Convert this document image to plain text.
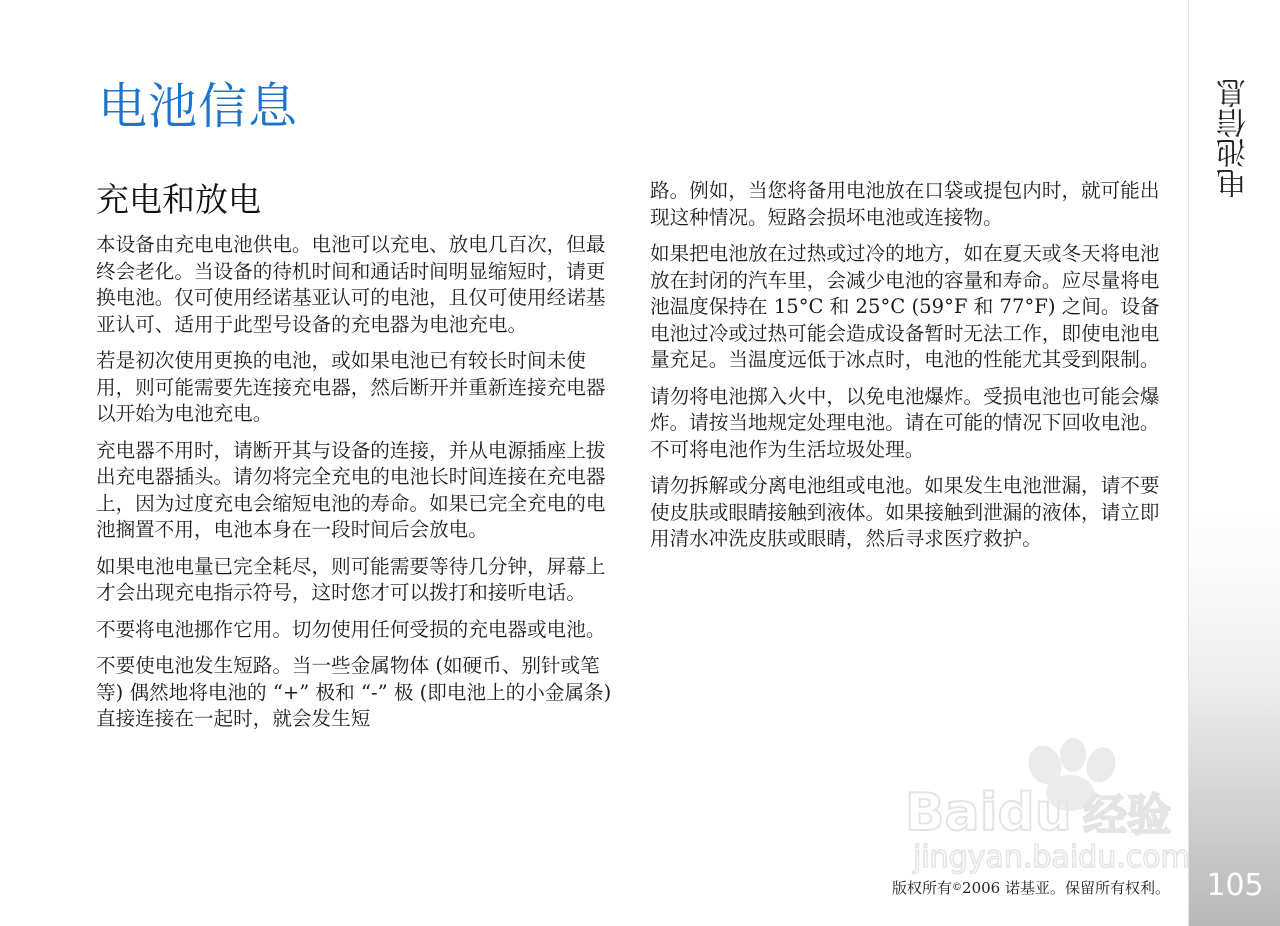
电池信息
105
电池信息
充电和放电

本设备由充电电池供电。电池可以充电、放电几百次，但最终会老化。当设备的待机时间和通话时间明显缩短时，请更换电池。仅可使用经诺基亚认可的电池，且仅可使用经诺基亚认可、适用于此型号设备的充电器为电池充电。

若是初次使用更换的电池，或如果电池已有较长时间未使用，则可能需要先连接充电器，然后断开并重新连接充电器以开始为电池充电。

充电器不用时，请断开其与设备的连接，并从电源插座上拔出充电器插头。请勿将完全充电的电池长时间连接在充电器上，因为过度充电会缩短电池的寿命。如果已完全充电的电池搁置不用，电池本身在一段时间后会放电。

如果电池电量已完全耗尽，则可能需要等待几分钟，屏幕上才会出现充电指示符号，这时您才可以拨打和接听电话。

不要将电池挪作它用。切勿使用任何受损的充电器或电池。

不要使电池发生短路。当一些金属物体 (如硬币、别针或笔等) 偶然地将电池的 “+” 极和 “-” 极 (即电池上的小金属条) 直接连接在一起时，就会发生短

路。例如，当您将备用电池放在口袋或提包内时，就可能出现这种情况。短路会损坏电池或连接物。

如果把电池放在过热或过冷的地方，如在夏天或冬天将电池放在封闭的汽车里，会减少电池的容量和寿命。应尽量将电池温度保持在 15°C 和 25°C (59°F 和 77°F) 之间。设备电池过冷或过热可能会造成设备暂时无法工作，即使电池电量充足。当温度远低于冰点时，电池的性能尤其受到限制。

请勿将电池掷入火中，以免电池爆炸。受损电池也可能会爆炸。请按当地规定处理电池。请在可能的情况下回收电池。不可将电池作为生活垃圾处理。

请勿拆解或分离电池组或电池。如果发生电池泄漏，请不要使皮肤或眼睛接触到液体。如果接触到泄漏的液体，请立即用清水冲洗皮肤或眼睛，然后寻求医疗救护。

Baidu 经验
jingyan.baidu.com
版权所有©2006 诺基亚。保留所有权利。
